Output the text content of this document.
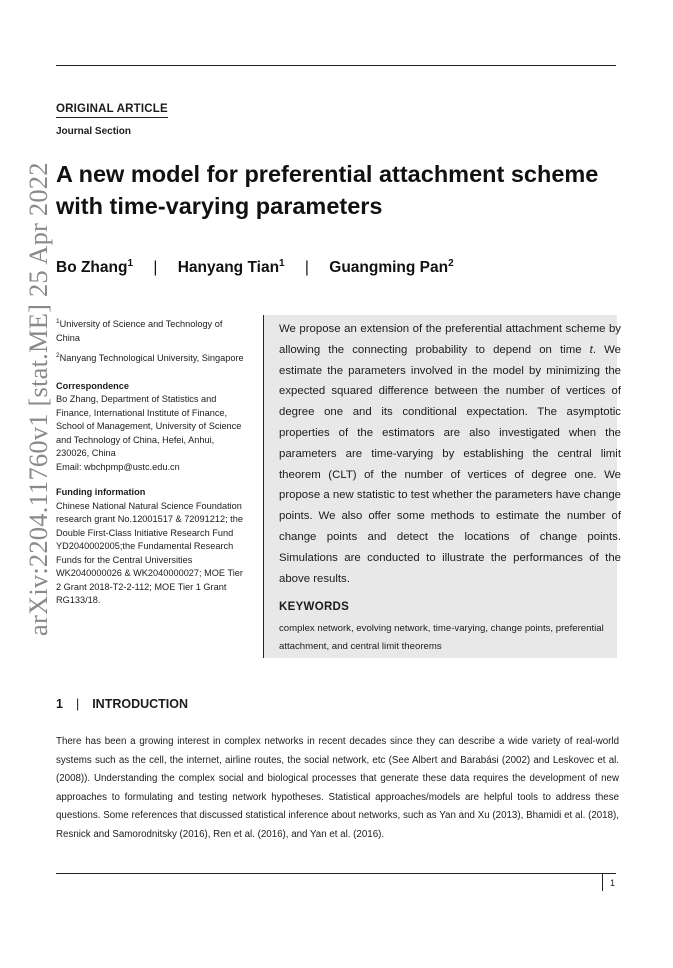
arXiv:2204.11760v1 [stat.ME] 25 Apr 2022
ORIGINAL ARTICLE
Journal Section
A new model for preferential attachment scheme with time-varying parameters
Bo Zhang$^1$ | Hanyang Tian$^1$ | Guangming Pan$^2$
$^1$University of Science and Technology of China
$^2$Nanyang Technological University, Singapore
Correspondence
Bo Zhang, Department of Statistics and Finance, International Institute of Finance, School of Management, University of Science and Technology of China, Hefei, Anhui, 230026, China
Email: wbchpmp@ustc.edu.cn
Funding information
Chinese National Natural Science Foundation research grant No.12001517 & 72091212; the Double First-Class Initiative Research Fund YD2040002005;the Fundamental Research Funds for the Central Universities WK2040000026 & WK2040000027; MOE Tier 2 Grant 2018-T2-2-112; MOE Tier 1 Grant RG133/18.
We propose an extension of the preferential attachment scheme by allowing the connecting probability to depend on time t. We estimate the parameters involved in the model by minimizing the expected squared difference between the number of vertices of degree one and its conditional expectation. The asymptotic properties of the estimators are also investigated when the parameters are time-varying by establishing the central limit theorem (CLT) of the number of vertices of degree one. We propose a new statistic to test whether the parameters have change points. We also offer some methods to estimate the number of change points and detect the locations of change points. Simulations are conducted to illustrate the performances of the above results.
KEYWORDS
complex network, evolving network, time-varying, change points, preferential attachment, and central limit theorems
1 | INTRODUCTION
There has been a growing interest in complex networks in recent decades since they can describe a wide variety of real-world systems such as the cell, the internet, airline routes, the social network, etc (See Albert and Barabási (2002) and Leskovec et al. (2008)). Understanding the complex social and biological processes that generate these data requires the development of new approaches to formulating and testing network hypotheses. Statistical approaches/models are helpful tools to address these questions. Some references that discussed statistical inference about networks, such as Yan and Xu (2013), Bhamidi et al. (2018), Resnick and Samorodnitsky (2016), Ren et al. (2016), and Yan et al. (2016).
1
